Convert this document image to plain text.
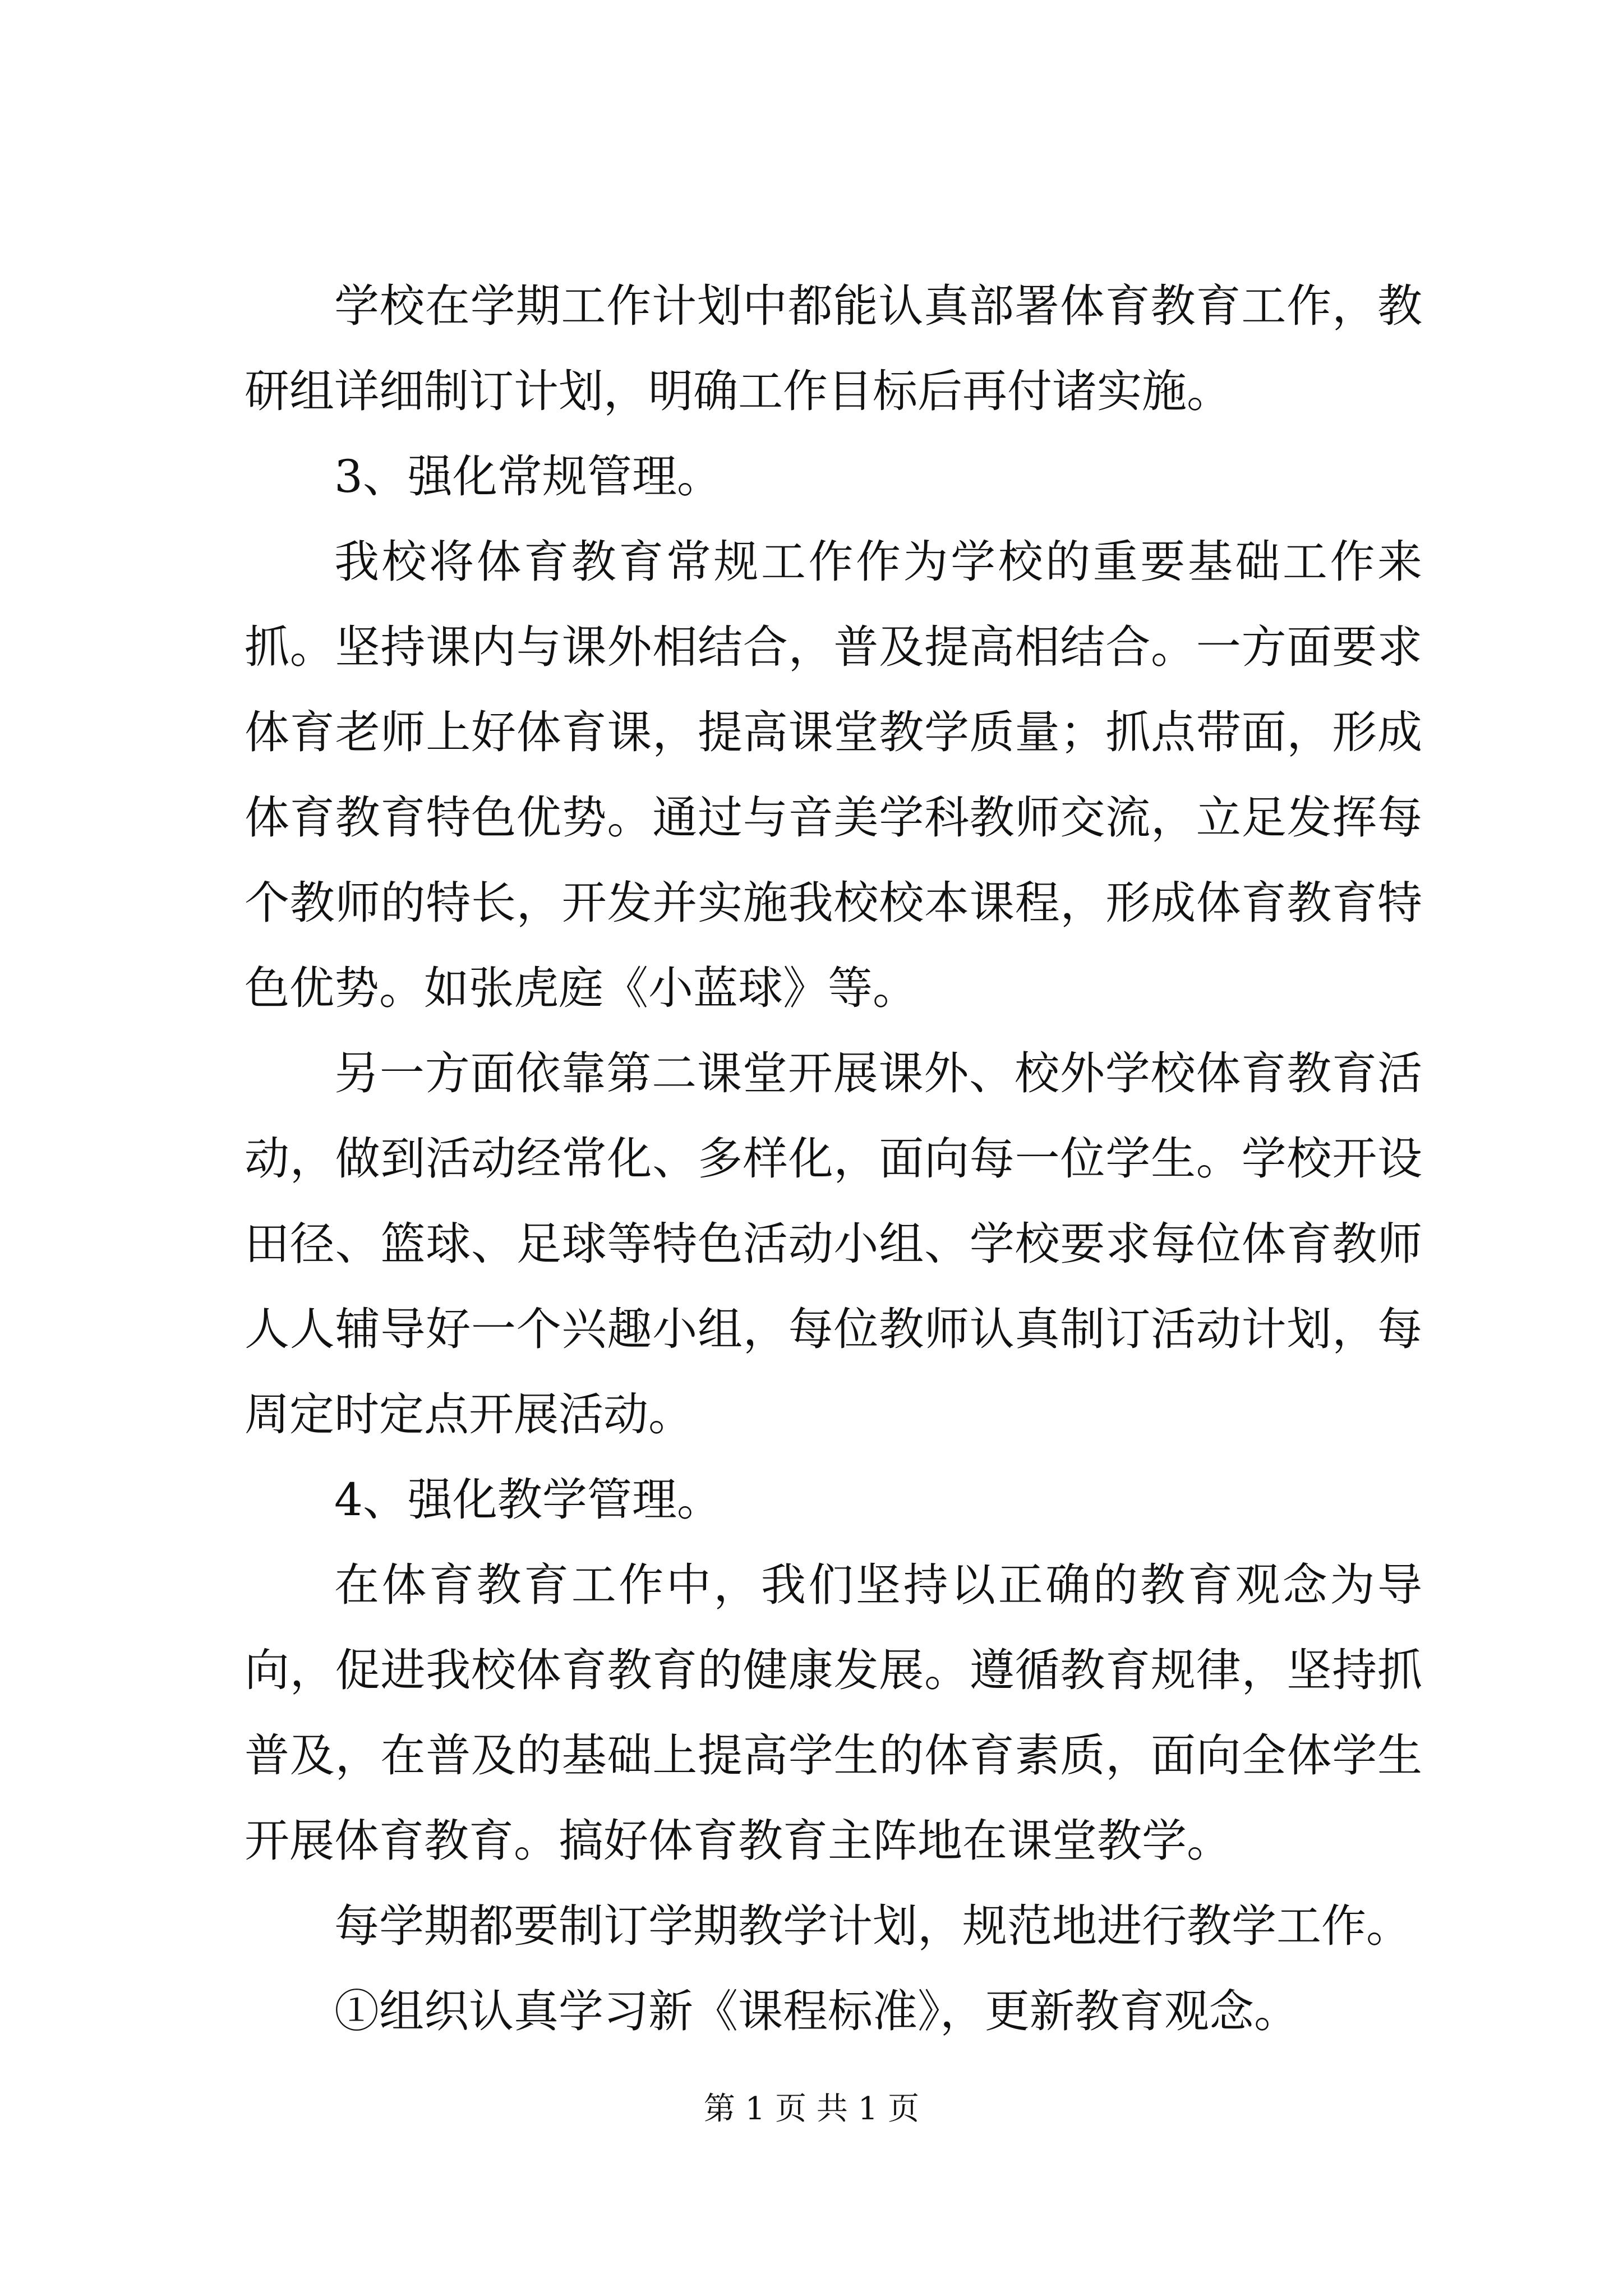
学校在学期工作计划中都能认真部署体育教育工作，教研组详细制订计划，明确工作目标后再付诸实施。

3、强化常规管理。

我校将体育教育常规工作作为学校的重要基础工作来抓。坚持课内与课外相结合，普及提高相结合。一方面要求体育老师上好体育课，提高课堂教学质量；抓点带面，形成体育教育特色优势。通过与音美学科教师交流，立足发挥每个教师的特长，开发并实施我校校本课程，形成体育教育特色优势。如张虎庭《小蓝球》等。

另一方面依靠第二课堂开展课外、校外学校体育教育活动，做到活动经常化、多样化，面向每一位学生。学校开设田径、篮球、足球等特色活动小组、学校要求每位体育教师人人辅导好一个兴趣小组，每位教师认真制订活动计划，每周定时定点开展活动。

4、强化教学管理。

在体育教育工作中，我们坚持以正确的教育观念为导向，促进我校体育教育的健康发展。遵循教育规律，坚持抓普及，在普及的基础上提高学生的体育素质，面向全体学生开展体育教育。搞好体育教育主阵地在课堂教学。

每学期都要制订学期教学计划，规范地进行教学工作。

①组织认真学习新《课程标准》，更新教育观念。

第 1 页 共 1 页
